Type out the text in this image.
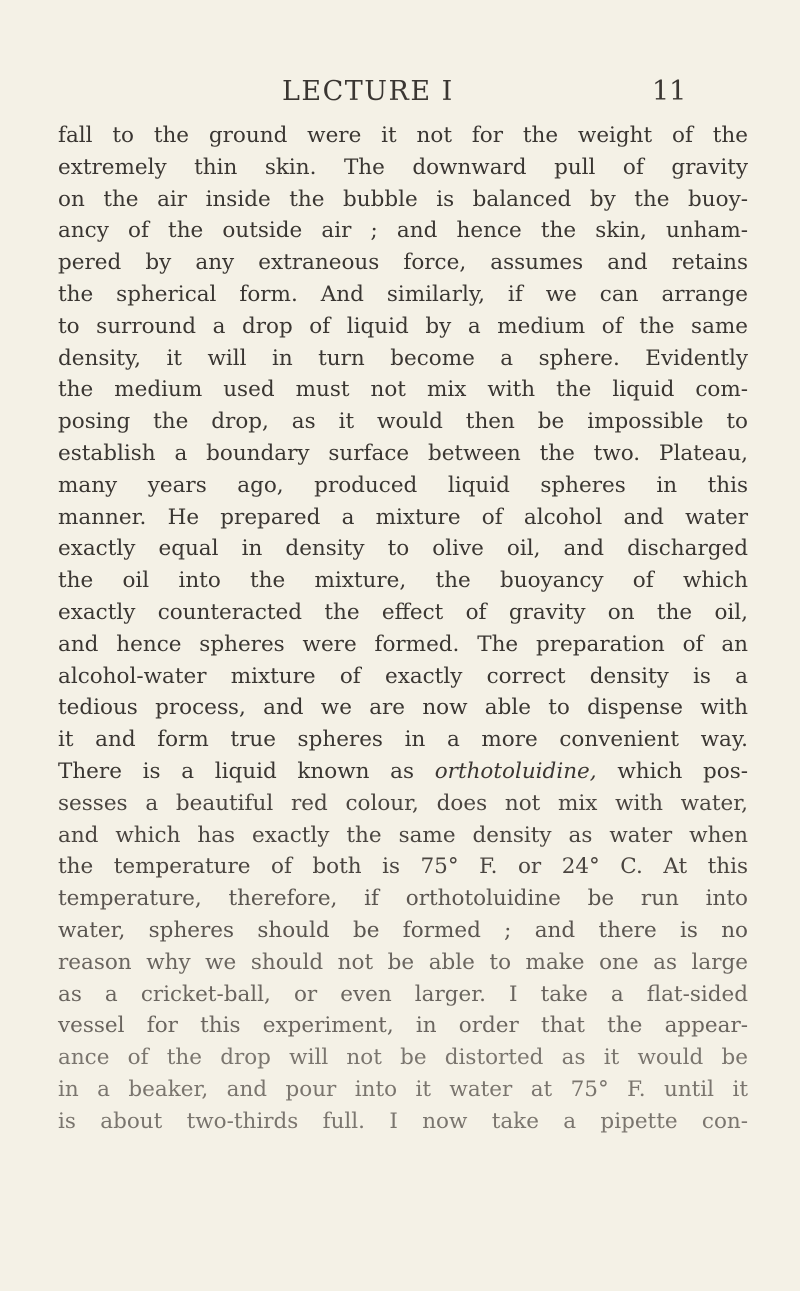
LECTURE I	11
fall to the ground were it not for the weight of the
extremely thin skin. The downward pull of gravity
on the air inside the bubble is balanced by the buoy-
ancy of the outside air ; and hence the skin, unham-
pered by any extraneous force, assumes and retains
the spherical form. And similarly, if we can arrange
to surround a drop of liquid by a medium of the same
density, it will in turn become a sphere. Evidently
the medium used must not mix with the liquid com-
posing the drop, as it would then be impossible to
establish a boundary surface between the two. Plateau,
many years ago, produced liquid spheres in this
manner. He prepared a mixture of alcohol and water
exactly equal in density to olive oil, and discharged
the oil into the mixture, the buoyancy of which
exactly counteracted the effect of gravity on the oil,
and hence spheres were formed. The preparation of an
alcohol-water mixture of exactly correct density is a
tedious process, and we are now able to dispense with
it and form true spheres in a more convenient way.
There is a liquid known as orthotoluidine, which pos-
sesses a beautiful red colour, does not mix with water,
and which has exactly the same density as water when
the temperature of both is 75° F. or 24° C. At this
temperature, therefore, if orthotoluidine be run into
water, spheres should be formed ; and there is no
reason why we should not be able to make one as large
as a cricket-ball, or even larger. I take a flat-sided
vessel for this experiment, in order that the appear-
ance of the drop will not be distorted as it would be
in a beaker, and pour into it water at 75° F. until it
is about two-thirds full. I now take a pipette con-
